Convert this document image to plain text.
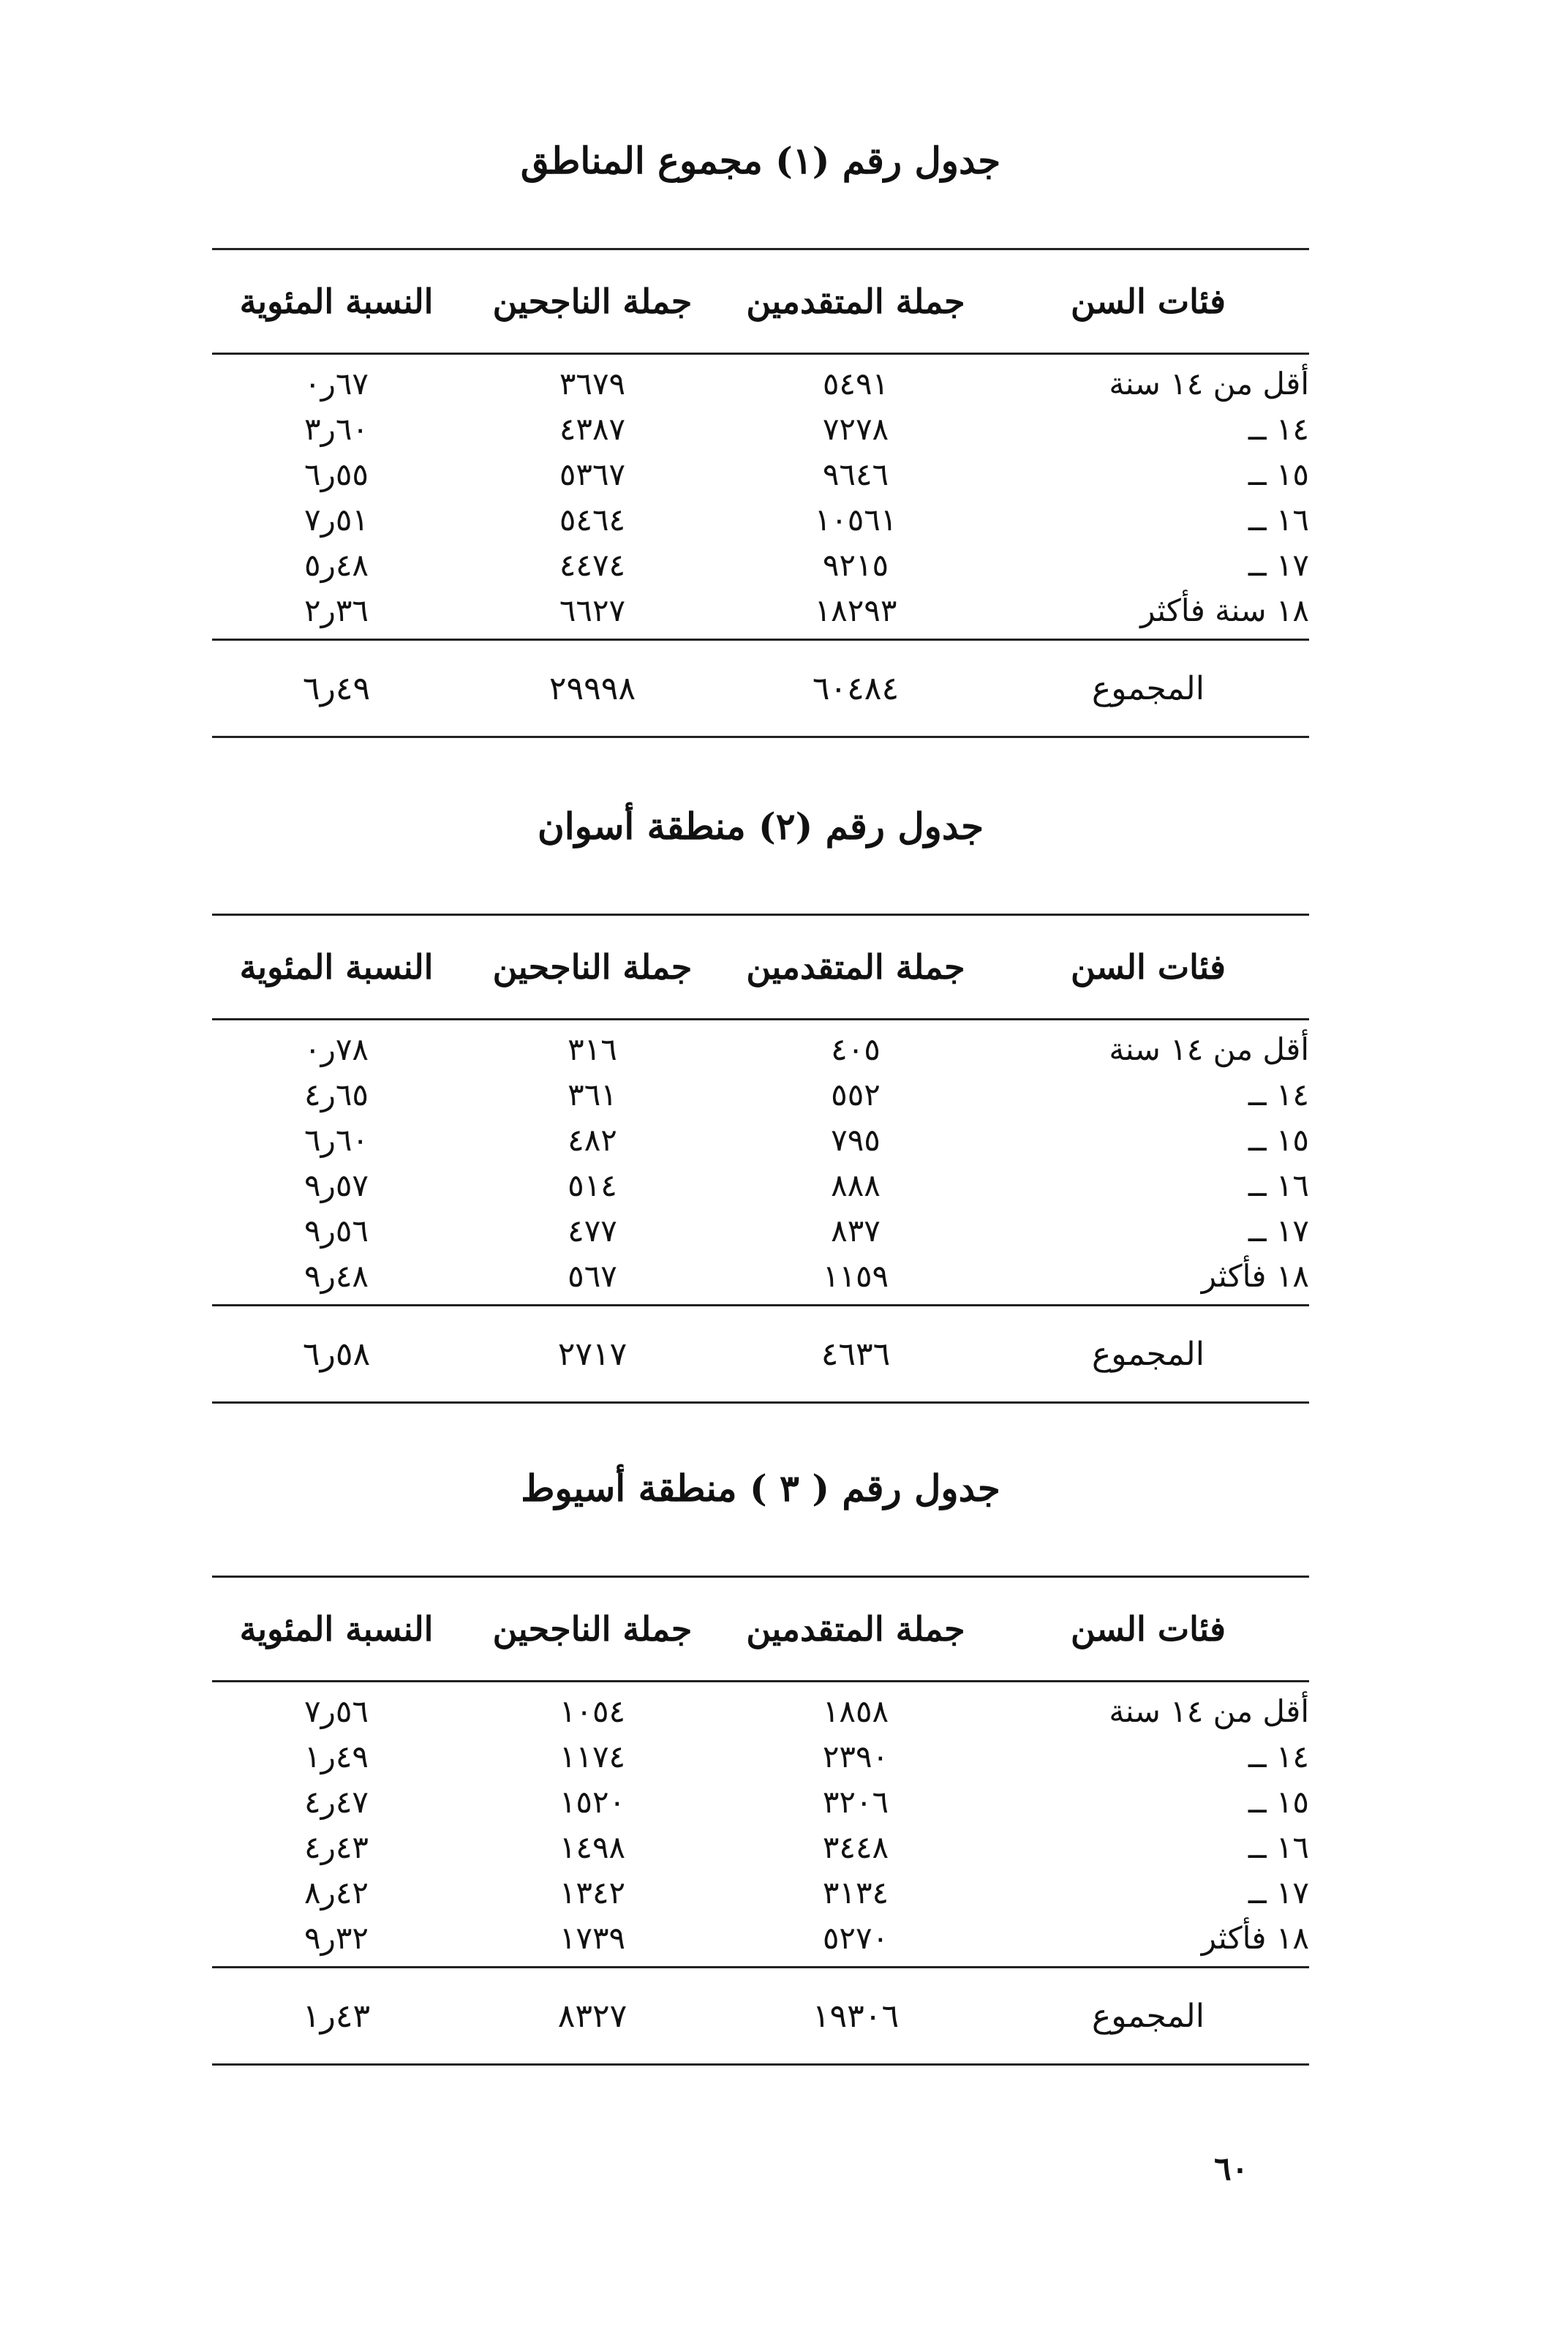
جدول رقم (١) مجموع المناطق
فئات السن
جملة المتقدمين
جملة الناجحين
النسبة المئوية
أقل من ١٤ سنة
٥٤٩١
٣٦٧٩
٦٧ر٠
١٤ ــ
٧٢٧٨
٤٣٨٧
٦٠ر٣
١٥ ــ
٩٦٤٦
٥٣٦٧
٥٥ر٦
١٦ ــ
١٠٥٦١
٥٤٦٤
٥١ر٧
١٧ ــ
٩٢١٥
٤٤٧٤
٤٨ر٥
١٨ سنة فأكثر
١٨٢٩٣
٦٦٢٧
٣٦ر٢
المجموع
٦٠٤٨٤
٢٩٩٩٨
٤٩ر٦
جدول رقم (٢) منطقة أسوان
فئات السن
جملة المتقدمين
جملة الناجحين
النسبة المئوية
أقل من ١٤ سنة
٤٠٥
٣١٦
٧٨ر٠
١٤ ــ
٥٥٢
٣٦١
٦٥ر٤
١٥ ــ
٧٩٥
٤٨٢
٦٠ر٦
١٦ ــ
٨٨٨
٥١٤
٥٧ر٩
١٧ ــ
٨٣٧
٤٧٧
٥٦ر٩
١٨ فأكثر
١١٥٩
٥٦٧
٤٨ر٩
المجموع
٤٦٣٦
٢٧١٧
٥٨ر٦
جدول رقم ( ٣ ) منطقة أسيوط
فئات السن
جملة المتقدمين
جملة الناجحين
النسبة المئوية
أقل من ١٤ سنة
١٨٥٨
١٠٥٤
٥٦ر٧
١٤ ــ
٢٣٩٠
١١٧٤
٤٩ر١
١٥ ــ
٣٢٠٦
١٥٢٠
٤٧ر٤
١٦ ــ
٣٤٤٨
١٤٩٨
٤٣ر٤
١٧ ــ
٣١٣٤
١٣٤٢
٤٢ر٨
١٨ فأكثر
٥٢٧٠
١٧٣٩
٣٢ر٩
المجموع
١٩٣٠٦
٨٣٢٧
٤٣ر١
٦٠
